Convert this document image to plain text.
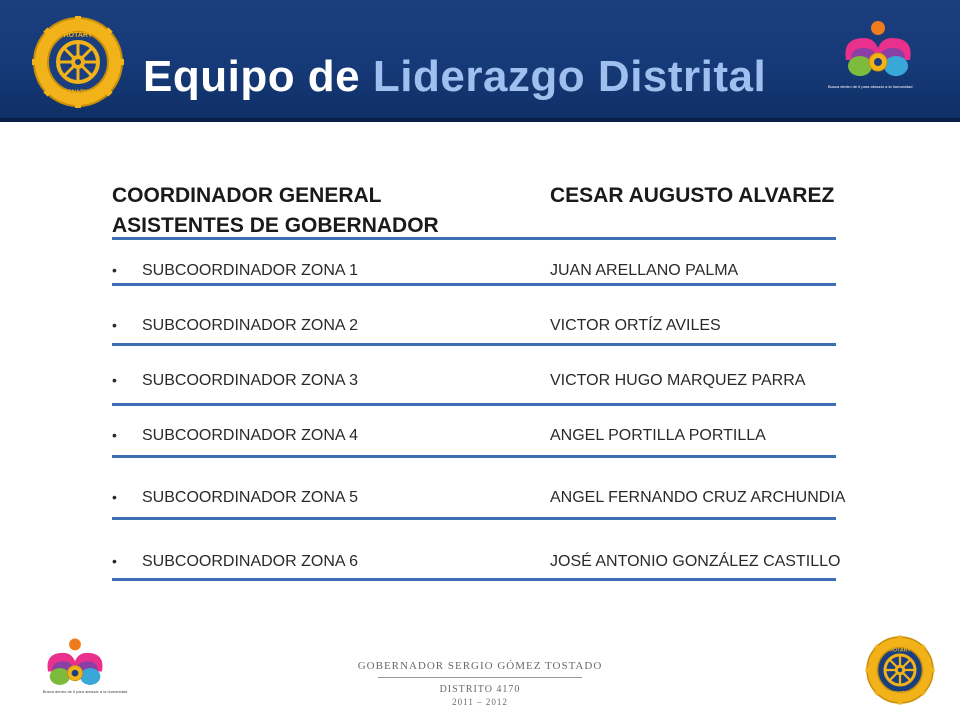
ROTARY
INTERNATIONAL Equipo de Liderazgo Distrital	Busca dentro de ti para abrazar a la humanidad
COORDINADOR GENERAL	CESAR AUGUSTO ALVAREZ
ASISTENTES DE GOBERNADOR
• SUBCOORDINADOR ZONA 1	JUAN ARELLANO PALMA
• SUBCOORDINADOR ZONA 2	VICTOR ORTÍZ AVILES
• SUBCOORDINADOR ZONA 3	VICTOR HUGO MARQUEZ PARRA
• SUBCOORDINADOR ZONA 4	ANGEL PORTILLA PORTILLA
• SUBCOORDINADOR ZONA 5	ANGEL FERNANDO CRUZ ARCHUNDIA
• SUBCOORDINADOR ZONA 6	JOSÉ ANTONIO GONZÁLEZ CASTILLO
Busca dentro de ti para abrazar a la humanidad
GOBERNADOR SERGIO GÓMEZ TOSTADO
DISTRITO 4170
2011 – 2012
ROTARY
INTERNATIONAL
